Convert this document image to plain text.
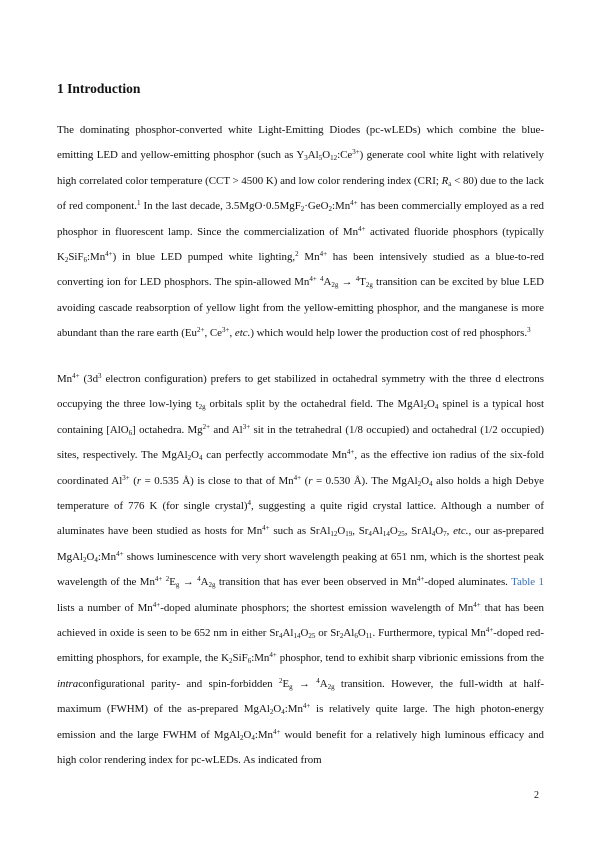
1 Introduction

The dominating phosphor-converted white Light-Emitting Diodes (pc-wLEDs) which combine the blue-emitting LED and yellow-emitting phosphor (such as $Y_3Al_5O_{12}:Ce^{3+}$) generate cool white light with relatively high correlated color temperature (CCT > 4500 K) and low color rendering index (CRI; $R_a < 80$) due to the lack of red component.$^1$ In the last decade, $3.5MgO\cdot 0.5MgF_2\cdot GeO_2:Mn^{4+}$ has been commercially employed as a red phosphor in fluorescent lamp. Since the commercialization of $Mn^{4+}$ activated fluoride phosphors (typically $K_2SiF_6:Mn^{4+}$) in blue LED pumped white lighting,$^2$ $Mn^{4+}$ has been intensively studied as a blue-to-red converting ion for LED phosphors. The spin-allowed $Mn^{4+}$ $^4A_{2g} \to ^4T_{2g}$ transition can be excited by blue LED avoiding cascade reabsorption of yellow light from the yellow-emitting phosphor, and the manganese is more abundant than the rare earth ($Eu^{2+}$, $Ce^{3+}$, etc.) which would help lower the production cost of red phosphors.$^3$

$Mn^{4+}$ ($3d^3$ electron configuration) prefers to get stabilized in octahedral symmetry with the three d electrons occupying the three low-lying $t_{2g}$ orbitals split by the octahedral field. The $MgAl_2O_4$ spinel is a typical host containing [AlO$_6$] octahedra. $Mg^{2+}$ and $Al^{3+}$ sit in the tetrahedral (1/8 occupied) and octahedral (1/2 occupied) sites, respectively. The $MgAl_2O_4$ can perfectly accommodate $Mn^{4+}$, as the effective ion radius of the six-fold coordinated $Al^{3+}$ (r = 0.535 Å) is close to that of $Mn^{4+}$ (r = 0.530 Å). The $MgAl_2O_4$ also holds a high Debye temperature of 776 K (for single crystal)$^4$, suggesting a quite rigid crystal lattice. Although a number of aluminates have been studied as hosts for $Mn^{4+}$ such as $SrAl_{12}O_{19}$, $Sr_4Al_{14}O_{25}$, $SrAl_4O_7$, etc., our as-prepared $MgAl_2O_4:Mn^{4+}$ shows luminescence with very short wavelength peaking at 651 nm, which is the shortest peak wavelength of the $Mn^{4+}$ $^2E_g \to ^4A_{2g}$ transition that has ever been observed in $Mn^{4+}$-doped aluminates. Table 1 lists a number of $Mn^{4+}$-doped aluminate phosphors; the shortest emission wavelength of $Mn^{4+}$ that has been achieved in oxide is seen to be 652 nm in either $Sr_4Al_{14}O_{25}$ or $Sr_2Al_6O_{11}$. Furthermore, typical $Mn^{4+}$-doped red-emitting phosphors, for example, the $K_2SiF_6:Mn^{4+}$ phosphor, tend to exhibit sharp vibrionic emissions from the intraconfigurational parity- and spin-forbidden $^2E_g \to ^4A_{2g}$ transition. However, the full-width at half-maximum (FWHM) of the as-prepared $MgAl_2O_4:Mn^{4+}$ is relatively quite large. The high photon-energy emission and the large FWHM of $MgAl_2O_4:Mn^{4+}$ would benefit for a relatively high luminous efficacy and high color rendering index for pc-wLEDs. As indicated from

2
